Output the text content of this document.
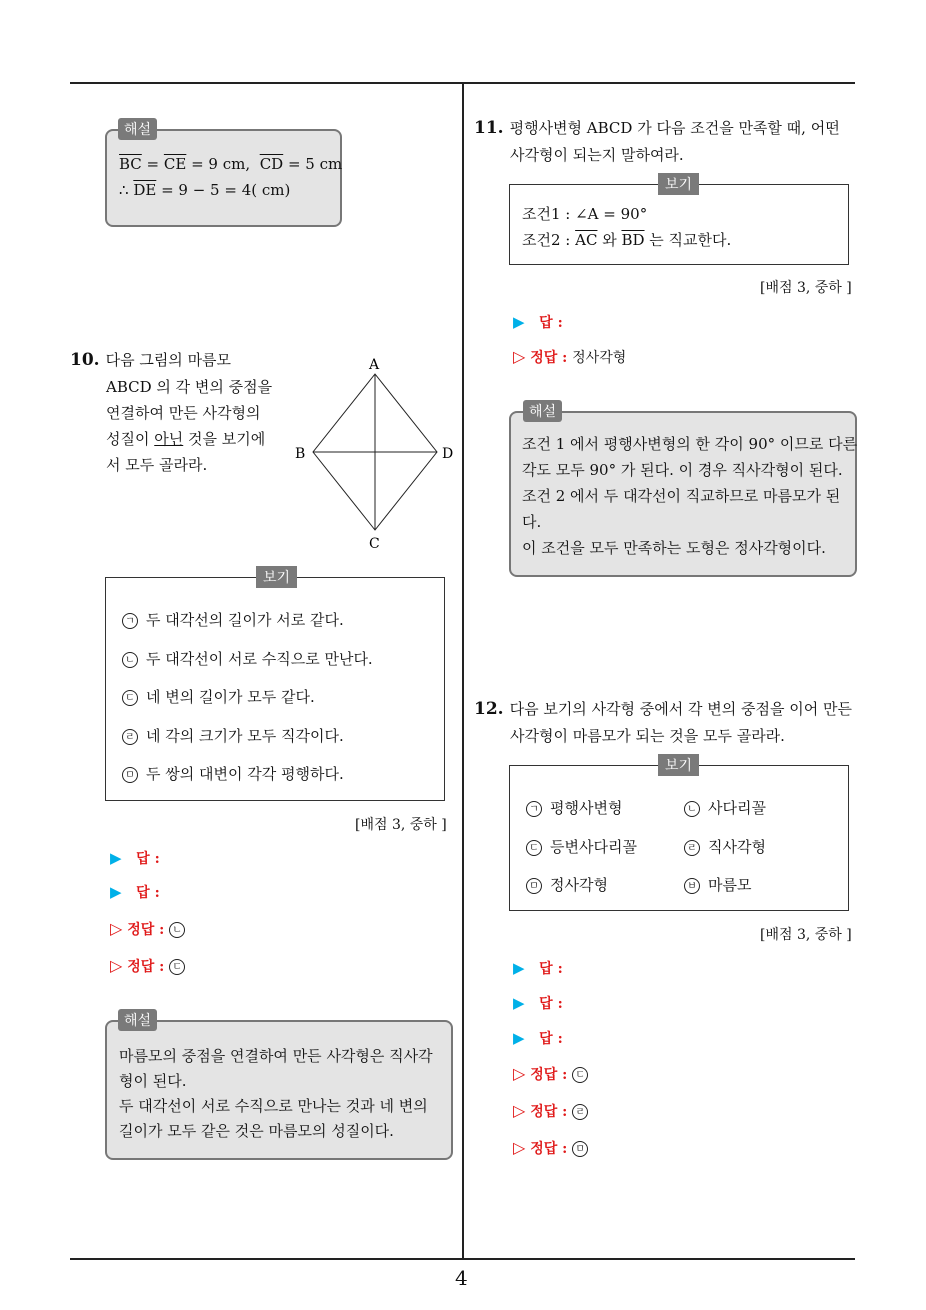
4
해설
$\overline{BC} = \overline{CE} = 9$ cm,  $\overline{CD} = 5$ cm
∴ $\overline{DE} = 9 - 5 = 4$( cm)
10. 다음 그림의 마름모
ABCD 의 각 변의 중점을
연결하여 만든 사각형의
성질이 아닌 것을 보기에
서 모두 골라라.
A
B
C
D
보기
ㄱ 두 대각선의 길이가 서로 같다.
ㄴ 두 대각선이 서로 수직으로 만난다.
ㄷ 네 변의 길이가 모두 같다.
ㄹ 네 각의 크기가 모두 직각이다.
ㅁ 두 쌍의 대변이 각각 평행하다.
[배점 3, 중하 ]
▶ 답 :
▶ 답 :
▷ 정답 : ㄴ
▷ 정답 : ㄷ
해설
마름모의 중점을 연결하여 만든 사각형은 직사각
형이 된다.
두 대각선이 서로 수직으로 만나는 것과 네 변의
길이가 모두 같은 것은 마름모의 성질이다.
11. 평행사변형 ABCD 가 다음 조건을 만족할 때, 어떤
사각형이 되는지 말하여라.
보기
조건1 : ∠A = 90°
조건2 : $\overline{AC}$ 와 $\overline{BD}$ 는 직교한다.
[배점 3, 중하 ]
▶ 답 :
▷ 정답 : 정사각형
해설
조건 1 에서 평행사변형의 한 각이 90° 이므로 다른
각도 모두 90° 가 된다. 이 경우 직사각형이 된다.
조건 2 에서 두 대각선이 직교하므로 마름모가 된
다.
이 조건을 모두 만족하는 도형은 정사각형이다.
12. 다음 보기의 사각형 중에서 각 변의 중점을 이어 만든
사각형이 마름모가 되는 것을 모두 골라라.
보기
ㄱ 평행사변형	ㄴ 사다리꼴
ㄷ 등변사다리꼴	ㄹ 직사각형
ㅁ 정사각형	ㅂ 마름모
[배점 3, 중하 ]
▶ 답 :
▶ 답 :
▶ 답 :
▷ 정답 : ㄷ
▷ 정답 : ㄹ
▷ 정답 : ㅁ
